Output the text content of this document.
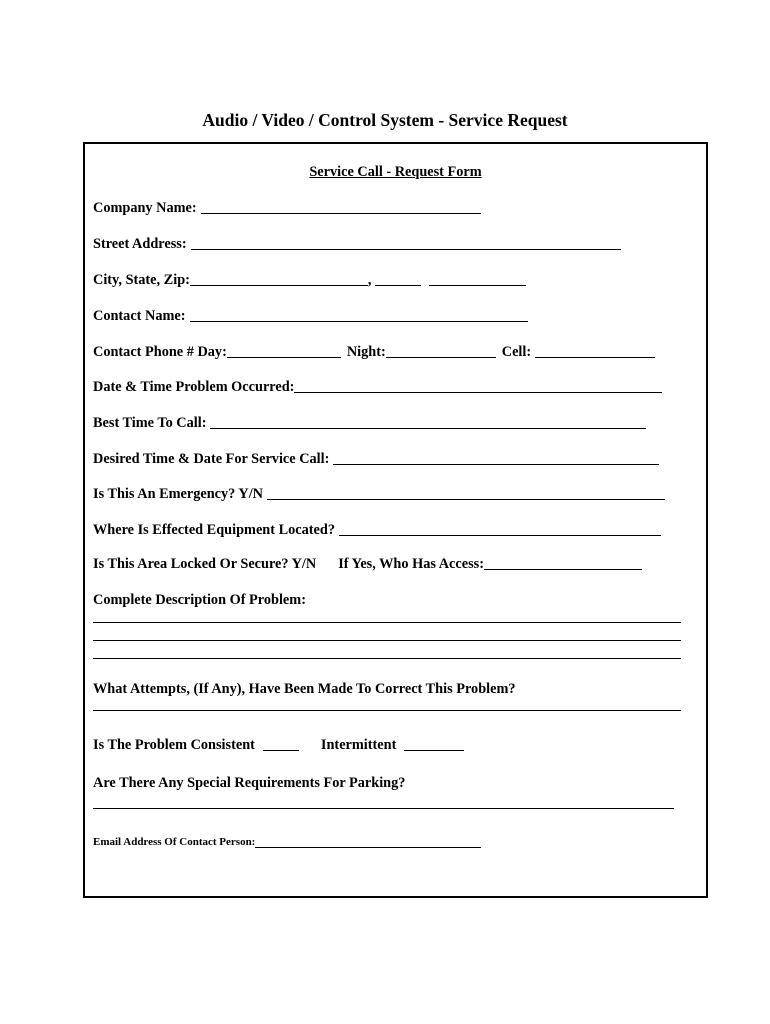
Audio / Video / Control System - Service Request
Service Call - Request Form
Company Name:
Street Address:
City, State, Zip:	,
Contact Name:
Contact Phone # Day:	Night:	Cell:
Date & Time Problem Occurred:
Best Time To Call:
Desired Time & Date For Service Call:
Is This An Emergency? Y/N
Where Is Effected Equipment Located?
Is This Area Locked Or Secure? Y/N If Yes, Who Has Access:
Complete Description Of Problem:
What Attempts, (If Any), Have Been Made To Correct This Problem?
Is The Problem Consistent	Intermittent
Are There Any Special Requirements For Parking?
Email Address Of Contact Person:
